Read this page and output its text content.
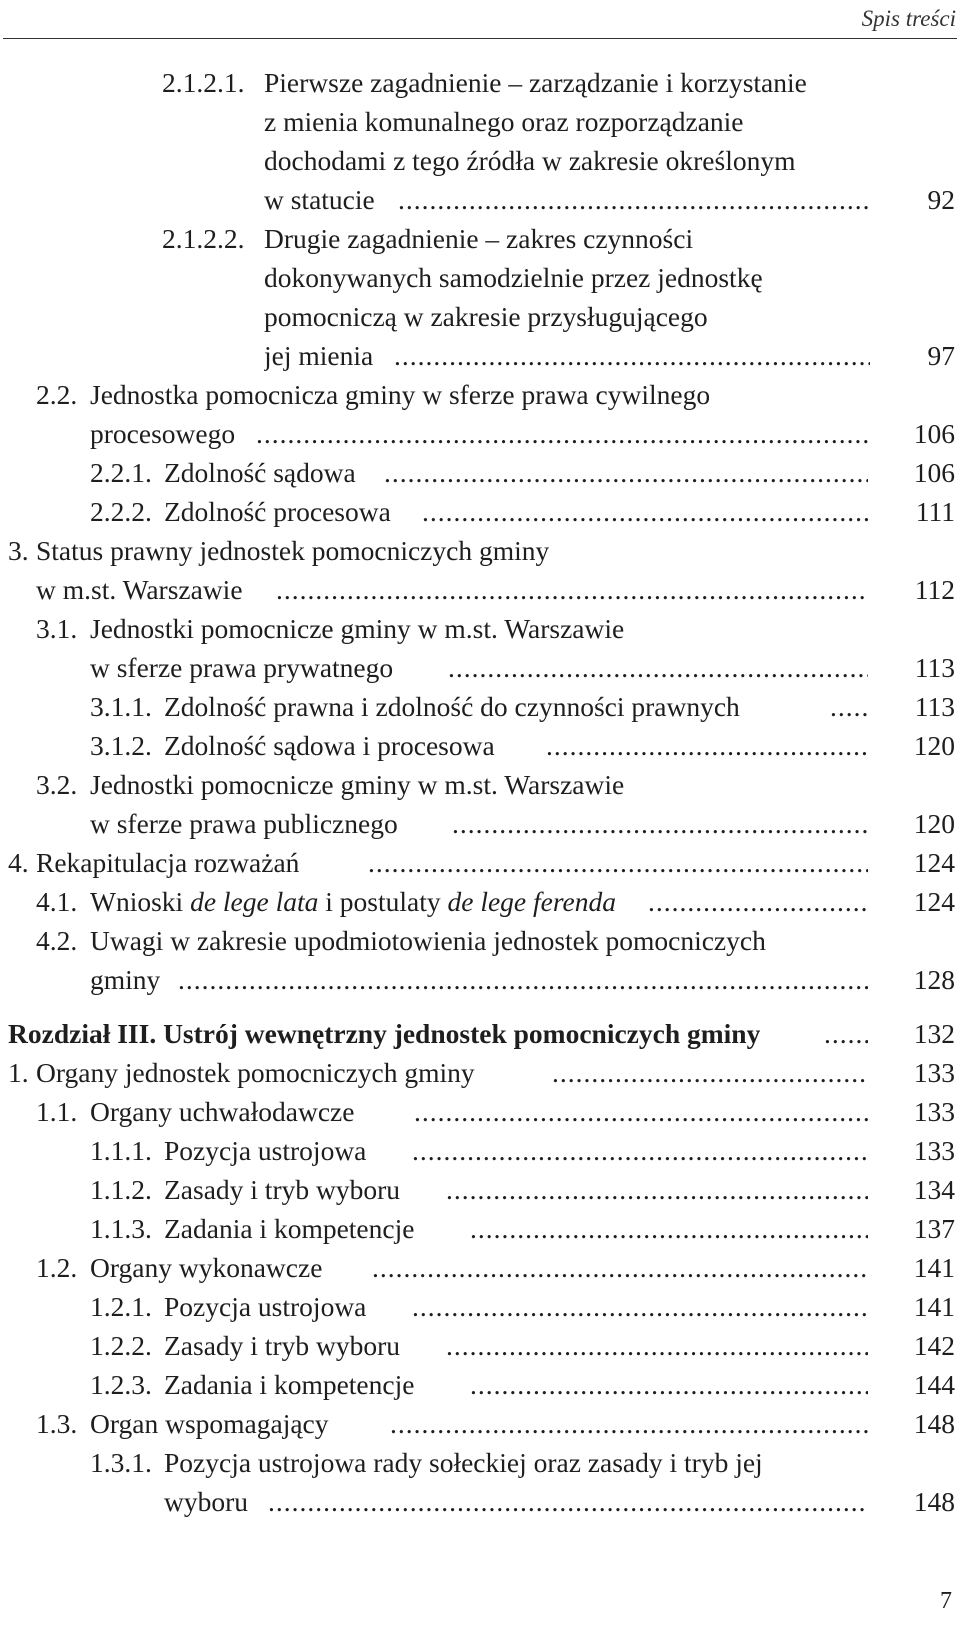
Spis treści
2.1.2.1. Pierwsze zagadnienie – zarządzanie i korzystanie
z mienia komunalnego oraz rozporządzanie
dochodami z tego źródła w zakresie określonym
w statucie .....	92
2.1.2.2. Drugie zagadnienie – zakres czynności
dokonywanych samodzielnie przez jednostkę
pomocniczą w zakresie przysługującego
jej mienia .....	97
2.2. Jednostka pomocnicza gminy w sferze prawa cywilnego
procesowego .....	106
2.2.1. Zdolność sądowa .....	106
2.2.2. Zdolność procesowa .....	111
3. Status prawny jednostek pomocniczych gminy
w m.st. Warszawie .....	112
3.1. Jednostki pomocnicze gminy w m.st. Warszawie
w sferze prawa prywatnego .....	113
3.1.1. Zdolność prawna i zdolność do czynności prawnych .....	113
3.1.2. Zdolność sądowa i procesowa .....	120
3.2. Jednostki pomocnicze gminy w m.st. Warszawie
w sferze prawa publicznego .....	120
4. Rekapitulacja rozważań .....	124
4.1. Wnioski de lege lata i postulaty de lege ferenda .....	124
4.2. Uwagi w zakresie upodmiotowienia jednostek pomocniczych
gminy .....	128
Rozdział III. Ustrój wewnętrzny jednostek pomocniczych gminy .....	132
1. Organy jednostek pomocniczych gminy .....	133
1.1. Organy uchwałodawcze .....	133
1.1.1. Pozycja ustrojowa .....	133
1.1.2. Zasady i tryb wyboru .....	134
1.1.3. Zadania i kompetencje .....	137
1.2. Organy wykonawcze .....	141
1.2.1. Pozycja ustrojowa .....	141
1.2.2. Zasady i tryb wyboru .....	142
1.2.3. Zadania i kompetencje .....	144
1.3. Organ wspomagający .....	148
1.3.1. Pozycja ustrojowa rady sołeckiej oraz zasady i tryb jej
wyboru .....	148
7
